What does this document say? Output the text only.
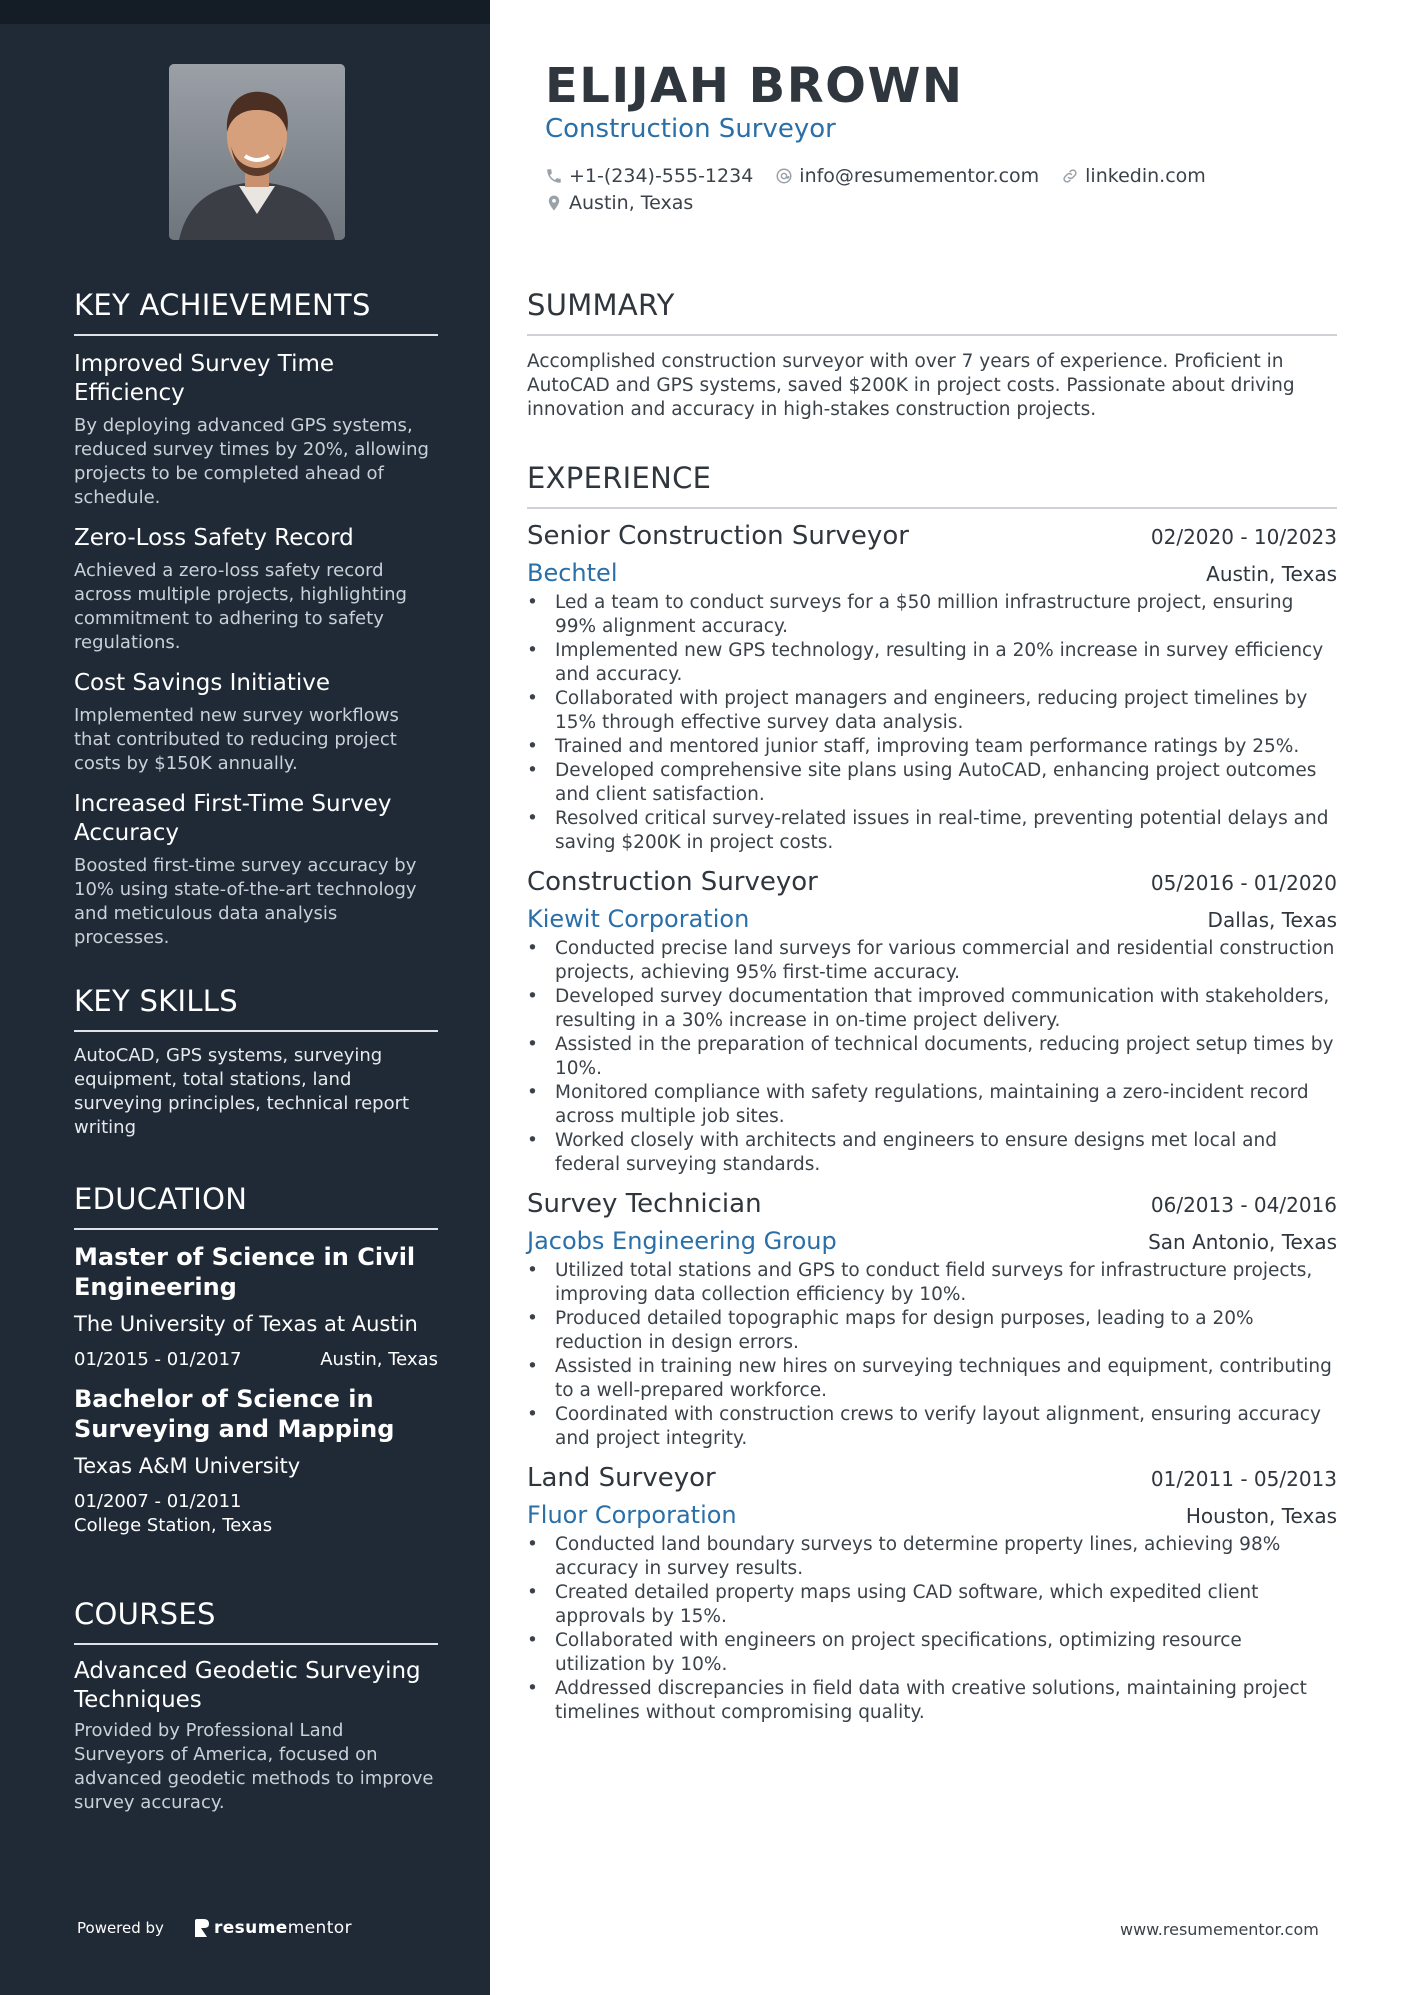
KEY ACHIEVEMENTS
Improved Survey Time Efficiency
By deploying advanced GPS systems, reduced survey times by 20%, allowing projects to be completed ahead of schedule.
Zero-Loss Safety Record
Achieved a zero-loss safety record across multiple projects, highlighting commitment to adhering to safety regulations.
Cost Savings Initiative
Implemented new survey workflows that contributed to reducing project costs by $150K annually.
Increased First-Time Survey Accuracy
Boosted first-time survey accuracy by 10% using state-of-the-art technology and meticulous data analysis processes.
KEY SKILLS
AutoCAD, GPS systems, surveying equipment, total stations, land surveying principles, technical report writing
EDUCATION
Master of Science in Civil Engineering
The University of Texas at Austin
01/2015 - 01/2017	Austin, Texas
Bachelor of Science in Surveying and Mapping
Texas A&M University
01/2007 - 01/2011
College Station, Texas
COURSES
Advanced Geodetic Surveying Techniques
Provided by Professional Land Surveyors of America, focused on advanced geodetic methods to improve survey accuracy.
Powered by	resumementor
ELIJAH BROWN
Construction Surveyor
+1-(234)-555-1234 info@resumementor.com linkedin.com
Austin, Texas
SUMMARY
Accomplished construction surveyor with over 7 years of experience. Proficient in AutoCAD and GPS systems, saved $200K in project costs. Passionate about driving innovation and accuracy in high-stakes construction projects.
EXPERIENCE
Senior Construction Surveyor	02/2020 - 10/2023
Bechtel	Austin, Texas
• Led a team to conduct surveys for a $50 million infrastructure project, ensuring 99% alignment accuracy.
• Implemented new GPS technology, resulting in a 20% increase in survey efficiency and accuracy.
• Collaborated with project managers and engineers, reducing project timelines by 15% through effective survey data analysis.
• Trained and mentored junior staff, improving team performance ratings by 25%.
• Developed comprehensive site plans using AutoCAD, enhancing project outcomes and client satisfaction.
• Resolved critical survey-related issues in real-time, preventing potential delays and saving $200K in project costs.
Construction Surveyor	05/2016 - 01/2020
Kiewit Corporation	Dallas, Texas
• Conducted precise land surveys for various commercial and residential construction projects, achieving 95% first-time accuracy.
• Developed survey documentation that improved communication with stakeholders, resulting in a 30% increase in on-time project delivery.
• Assisted in the preparation of technical documents, reducing project setup times by 10%.
• Monitored compliance with safety regulations, maintaining a zero-incident record across multiple job sites.
• Worked closely with architects and engineers to ensure designs met local and federal surveying standards.
Survey Technician	06/2013 - 04/2016
Jacobs Engineering Group	San Antonio, Texas
• Utilized total stations and GPS to conduct field surveys for infrastructure projects, improving data collection efficiency by 10%.
• Produced detailed topographic maps for design purposes, leading to a 20% reduction in design errors.
• Assisted in training new hires on surveying techniques and equipment, contributing to a well-prepared workforce.
• Coordinated with construction crews to verify layout alignment, ensuring accuracy and project integrity.
Land Surveyor	01/2011 - 05/2013
Fluor Corporation	Houston, Texas
• Conducted land boundary surveys to determine property lines, achieving 98% accuracy in survey results.
• Created detailed property maps using CAD software, which expedited client approvals by 15%.
• Collaborated with engineers on project specifications, optimizing resource utilization by 10%.
• Addressed discrepancies in field data with creative solutions, maintaining project timelines without compromising quality.
www.resumementor.com
